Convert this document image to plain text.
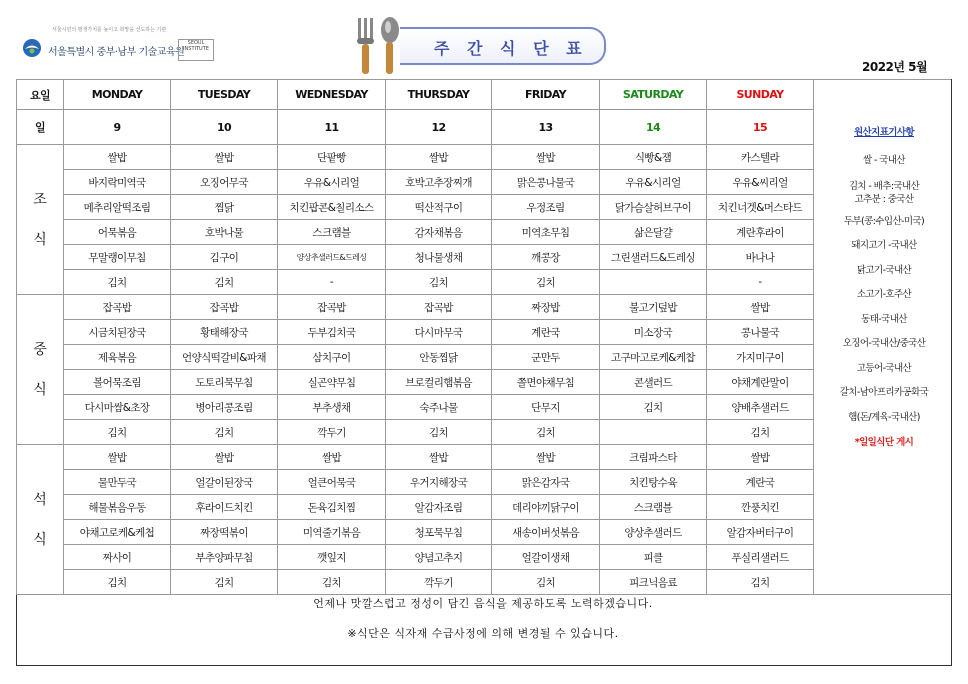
서울시민의 평생가치를 높이고 희망을 선도하는 기관
서울특별시 중부·남부 기술교육원
SEOUL INSTITUTE	주 간 식 단 표
2022년 5월
요일	MONDAY	TUESDAY	WEDNESDAY	THURSDAY	FRIDAY	SATURDAY	SUNDAY	
일	9	10	11	12	13	14	15	
조

식	쌀밥	쌀밥	단팥빵	쌀밥	쌀밥	식빵&잼	카스텔라	
	바지락미역국	오징어무국	우유&시리얼	호박고추장찌개	맑은콩나물국	우유&시리얼	우유&씨리얼	
	메추리알떡조림	찜닭	치킨팝콘&칠리소스	떡산적구이	우정조림	닭가슴살허브구이	치킨너겟&머스타드	
	어묵볶음	호박나물	스크램블	감자채볶음	미역초무침	삶은달걀	계란후라이	
	무말랭이무침	김구이	양상추샐러드&드레싱	청나물생채	깨콩장	그린샐러드&드레싱	바나나	
	김치	김치	-	김치	김치		-	
중

식	잡곡밥	잡곡밥	잡곡밥	잡곡밥	짜장밥	불고기덮밥	쌀밥	
	시금치된장국	황태해장국	두부김치국	다시마무국	계란국	미소장국	콩나물국	
	제육볶음	언양식떡갈비&파채	삼치구이	안동찜닭	군만두	고구마고로케&케찹	가지미구이	
	볼어묵조림	도토리묵무침	실곤약무침	브로컬리햄볶음	쫄면야채무침	콘샐러드	야채계란말이	
	다시마쌈&초장	병아리콩조림	부추생채	숙주나물	단무지	김치	양배추샐러드	
	김치	김치	깍두기	김치	김치		김치	
석

식	쌀밥	쌀밥	쌀밥	쌀밥	쌀밥	크림파스타	쌀밥	
	물만두국	얼갈이된장국	얼큰어묵국	우거지해장국	맑은감자국	치킨탕수육	계란국	
	해물볶음우동	후라이드치킨	돈육김치찜	알감자조림	데리야끼닭구이	스크램블	깐풍치킨	
	야채고로케&케첩	짜장떡볶이	미역줄기볶음	청포묵무침	새송이버섯볶음	양상추샐러드	알감자버터구이	
	짜사이	부추양파무침	깻잎지	양념고추지	얼갈이생채	피클	푸실리샐러드	
	김치	김치	김치	깍두기	김치	피크닉음료	김치	
원산지표기사항
쌀 - 국내산
김치 - 배추:국내산
고추분 : 중국산
두부(콩:수입산-미국)
돼지고기 -국내산
닭고기-국내산
소고기-호주산
동태-국내산
오징어-국내산/중국산
고등어-국내산
갈치-남아프리카공화국
햄(돈/계육-국내산)
*일일식단 게시
언제나 맛깔스럽고 정성이 담긴 음식을 제공하도록 노력하겠습니다.
※식단은 식자재 수급사정에 의해 변경될 수 있습니다.
